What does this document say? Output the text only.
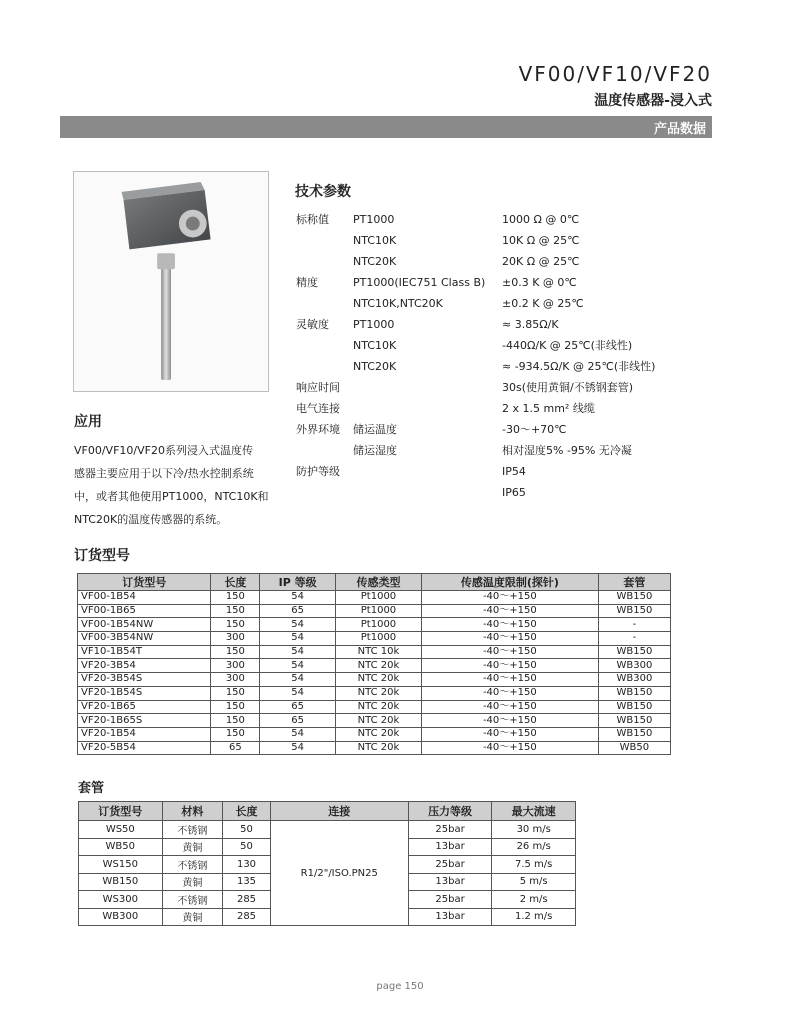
VF00/VF10/VF20
温度传感器-浸入式
产品数据
应用
VF00/VF10/VF20系列浸入式温度传
感器主要应用于以下冷/热水控制系统
中，或者其他使用PT1000，NTC10K和
NTC20K的温度传感器的系统。
技术参数
标称值 PT1000	1000 Ω @ 0℃
NTC10K	10K Ω @ 25℃
NTC20K	20K Ω @ 25℃
精度	PT1000(IEC751 Class B) ±0.3 K @ 0℃
NTC10K,NTC20K	±0.2 K @ 25℃
灵敏度 PT1000	≈ 3.85Ω/K
NTC10K	-440Ω/K @ 25℃(非线性)
NTC20K	≈ -934.5Ω/K @ 25℃(非线性)
响应时间	30s(使用黄铜/不锈钢套管)
电气连接	2 x 1.5 mm² 线缆
外界环境 储运温度	-30～+70℃
储运湿度	相对湿度5% -95% 无冷凝
防护等级	IP54
IP65
订货型号
订货型号	长度	IP 等级	传感类型	传感温度限制(探针)	套管
VF00-1B54	150	54	Pt1000	-40～+150	WB150
VF00-1B65	150	65	Pt1000	-40～+150	WB150
VF00-1B54NW	150	54	Pt1000	-40～+150	-
VF00-3B54NW	300	54	Pt1000	-40～+150	-
VF10-1B54T	150	54	NTC 10k	-40～+150	WB150
VF20-3B54	300	54	NTC 20k	-40～+150	WB300
VF20-3B54S	300	54	NTC 20k	-40～+150	WB300
VF20-1B54S	150	54	NTC 20k	-40～+150	WB150
VF20-1B65	150	65	NTC 20k	-40～+150	WB150
VF20-1B65S	150	65	NTC 20k	-40～+150	WB150
VF20-1B54	150	54	NTC 20k	-40～+150	WB150
VF20-5B54	65	54	NTC 20k	-40～+150	WB50
套管
订货型号	材料	长度	连接	压力等级	最大流速
WS50	不锈钢	50	R1/2"/ISO.PN25	25bar	30 m/s
WB50	黄铜	50		13bar	26 m/s
WS150	不锈钢	130		25bar	7.5 m/s
WB150	黄铜	135		13bar	5 m/s
WS300	不锈钢	285		25bar	2 m/s
WB300	黄铜	285		13bar	1.2 m/s
page 150
